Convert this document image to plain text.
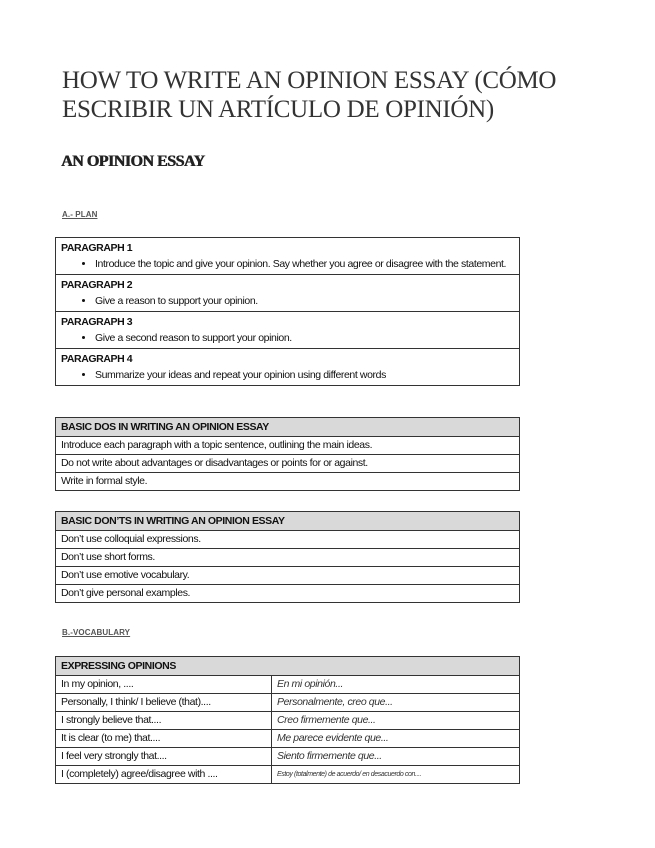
HOW TO WRITE AN OPINION ESSAY (CÓMO ESCRIBIR UN ARTÍCULO DE OPINIÓN)
AN OPINION ESSAY
A.- PLAN
PARAGRAPH 1
• Introduce the topic and give your opinion. Say whether you agree or disagree with the statement.

PARAGRAPH 2
• Give a reason to support your opinion.

PARAGRAPH 3
• Give a second reason to support your opinion.

PARAGRAPH 4
• Summarize your ideas and repeat your opinion using different words
BASIC DOS IN WRITING AN OPINION ESSAY
Introduce each paragraph with a topic sentence, outlining the main ideas.
Do not write about advantages or disadvantages or points for or against.
Write in formal style.
BASIC DON’TS IN WRITING AN OPINION ESSAY
Don’t use colloquial expressions.
Don’t use short forms.
Don’t use emotive vocabulary.
Don’t give personal examples.
B.-VOCABULARY
EXPRESSING OPINIONS	
In my opinion, ....	En mi opinión...
Personally, I think/ I believe (that)....	Personalmente, creo que...
I strongly believe that....	Creo firmemente que...
It is clear (to me) that....	Me parece evidente que...
I feel very strongly that....	Siento firmemente que...
I (completely) agree/disagree with ....	Estoy (totalmente) de acuerdo/ en desacuerdo con....
